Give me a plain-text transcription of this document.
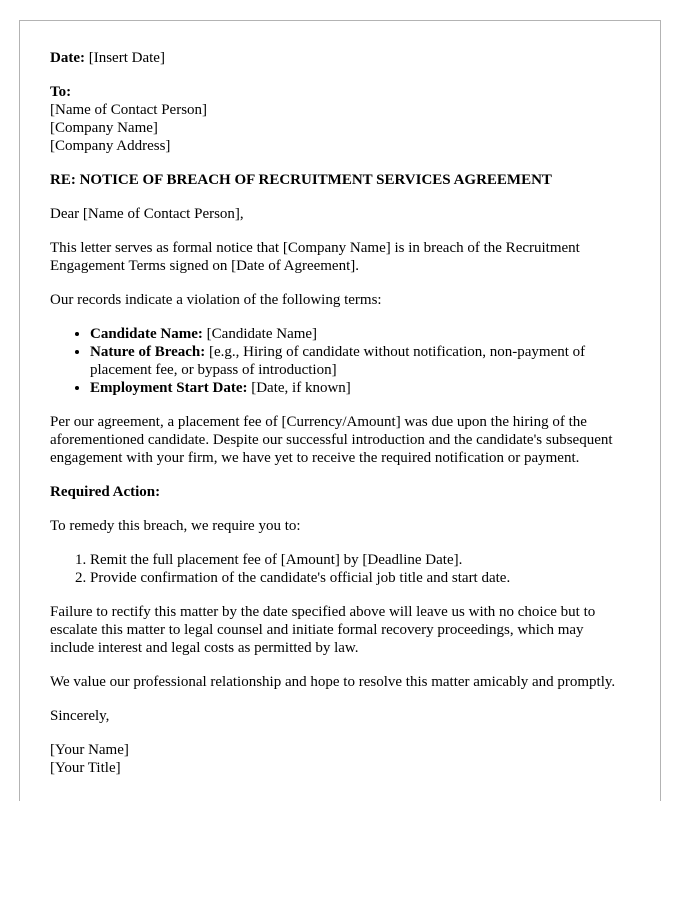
Date: [Insert Date]

To:
[Name of Contact Person]
[Company Name]
[Company Address]

RE: NOTICE OF BREACH OF RECRUITMENT SERVICES AGREEMENT

Dear [Name of Contact Person],

This letter serves as formal notice that [Company Name] is in breach of the Recruitment Engagement Terms signed on [Date of Agreement].

Our records indicate a violation of the following terms:

• Candidate Name: [Candidate Name]
• Nature of Breach: [e.g., Hiring of candidate without notification, non-payment of placement fee, or bypass of introduction]
• Employment Start Date: [Date, if known]

Per our agreement, a placement fee of [Currency/Amount] was due upon the hiring of the aforementioned candidate. Despite our successful introduction and the candidate's subsequent engagement with your firm, we have yet to receive the required notification or payment.

Required Action:

To remedy this breach, we require you to:

1. Remit the full placement fee of [Amount] by [Deadline Date].
2. Provide confirmation of the candidate's official job title and start date.

Failure to rectify this matter by the date specified above will leave us with no choice but to escalate this matter to legal counsel and initiate formal recovery proceedings, which may include interest and legal costs as permitted by law.

We value our professional relationship and hope to resolve this matter amicably and promptly.

Sincerely,

[Your Name]
[Your Title]
